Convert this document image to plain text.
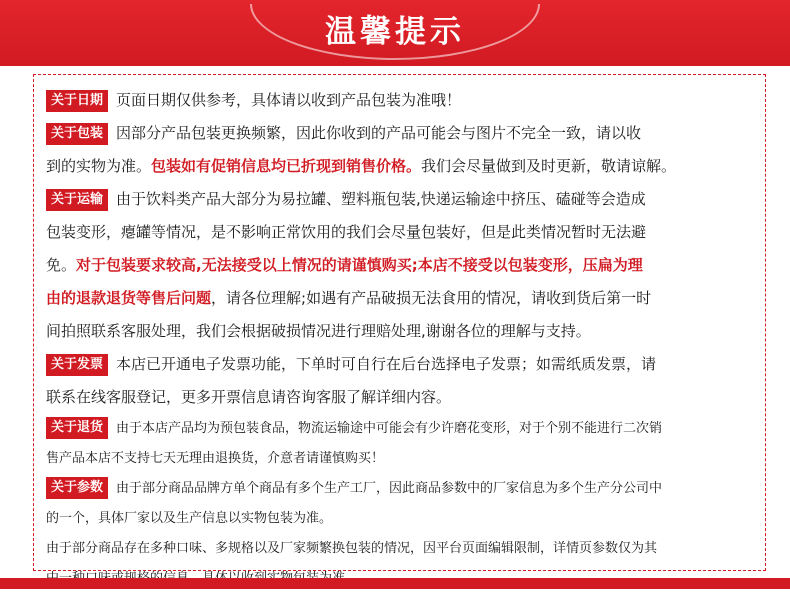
温馨提示
关于日期 页面日期仅供参考，具体请以收到产品包装为准哦！
关于包装 因部分产品包装更换频繁，因此你收到的产品可能会与图片不完全一致，请以收
到的实物为准。包装如有促销信息均已折现到销售价格。我们会尽量做到及时更新，敬请谅解。
关于运输 由于饮料类产品大部分为易拉罐、塑料瓶包装,快递运输途中挤压、磕碰等会造成
包装变形，瘪罐等情况，是不影响正常饮用的我们会尽量包装好，但是此类情况暂时无法避
免。对于包装要求较高,无法接受以上情况的请谨慎购买;本店不接受以包装变形，压扁为理
由的退款退货等售后问题，请各位理解;如遇有产品破损无法食用的情况，请收到货后第一时
间拍照联系客服处理，我们会根据破损情况进行理赔处理,谢谢各位的理解与支持。
关于发票 本店已开通电子发票功能，下单时可自行在后台选择电子发票；如需纸质发票，请
联系在线客服登记，更多开票信息请咨询客服了解详细内容。
关于退货 由于本店产品均为预包装食品，物流运输途中可能会有少许磨花变形，对于个别不能进行二次销
售产品本店不支持七天无理由退换货，介意者请谨慎购买！
关于参数 由于部分商品品牌方单个商品有多个生产工厂，因此商品参数中的厂家信息为多个生产分公司中
的一个，具体厂家以及生产信息以实物包装为准。
由于部分商品存在多种口味、多规格以及厂家频繁换包装的情况，因平台页面编辑限制，详情页参数仅为其
